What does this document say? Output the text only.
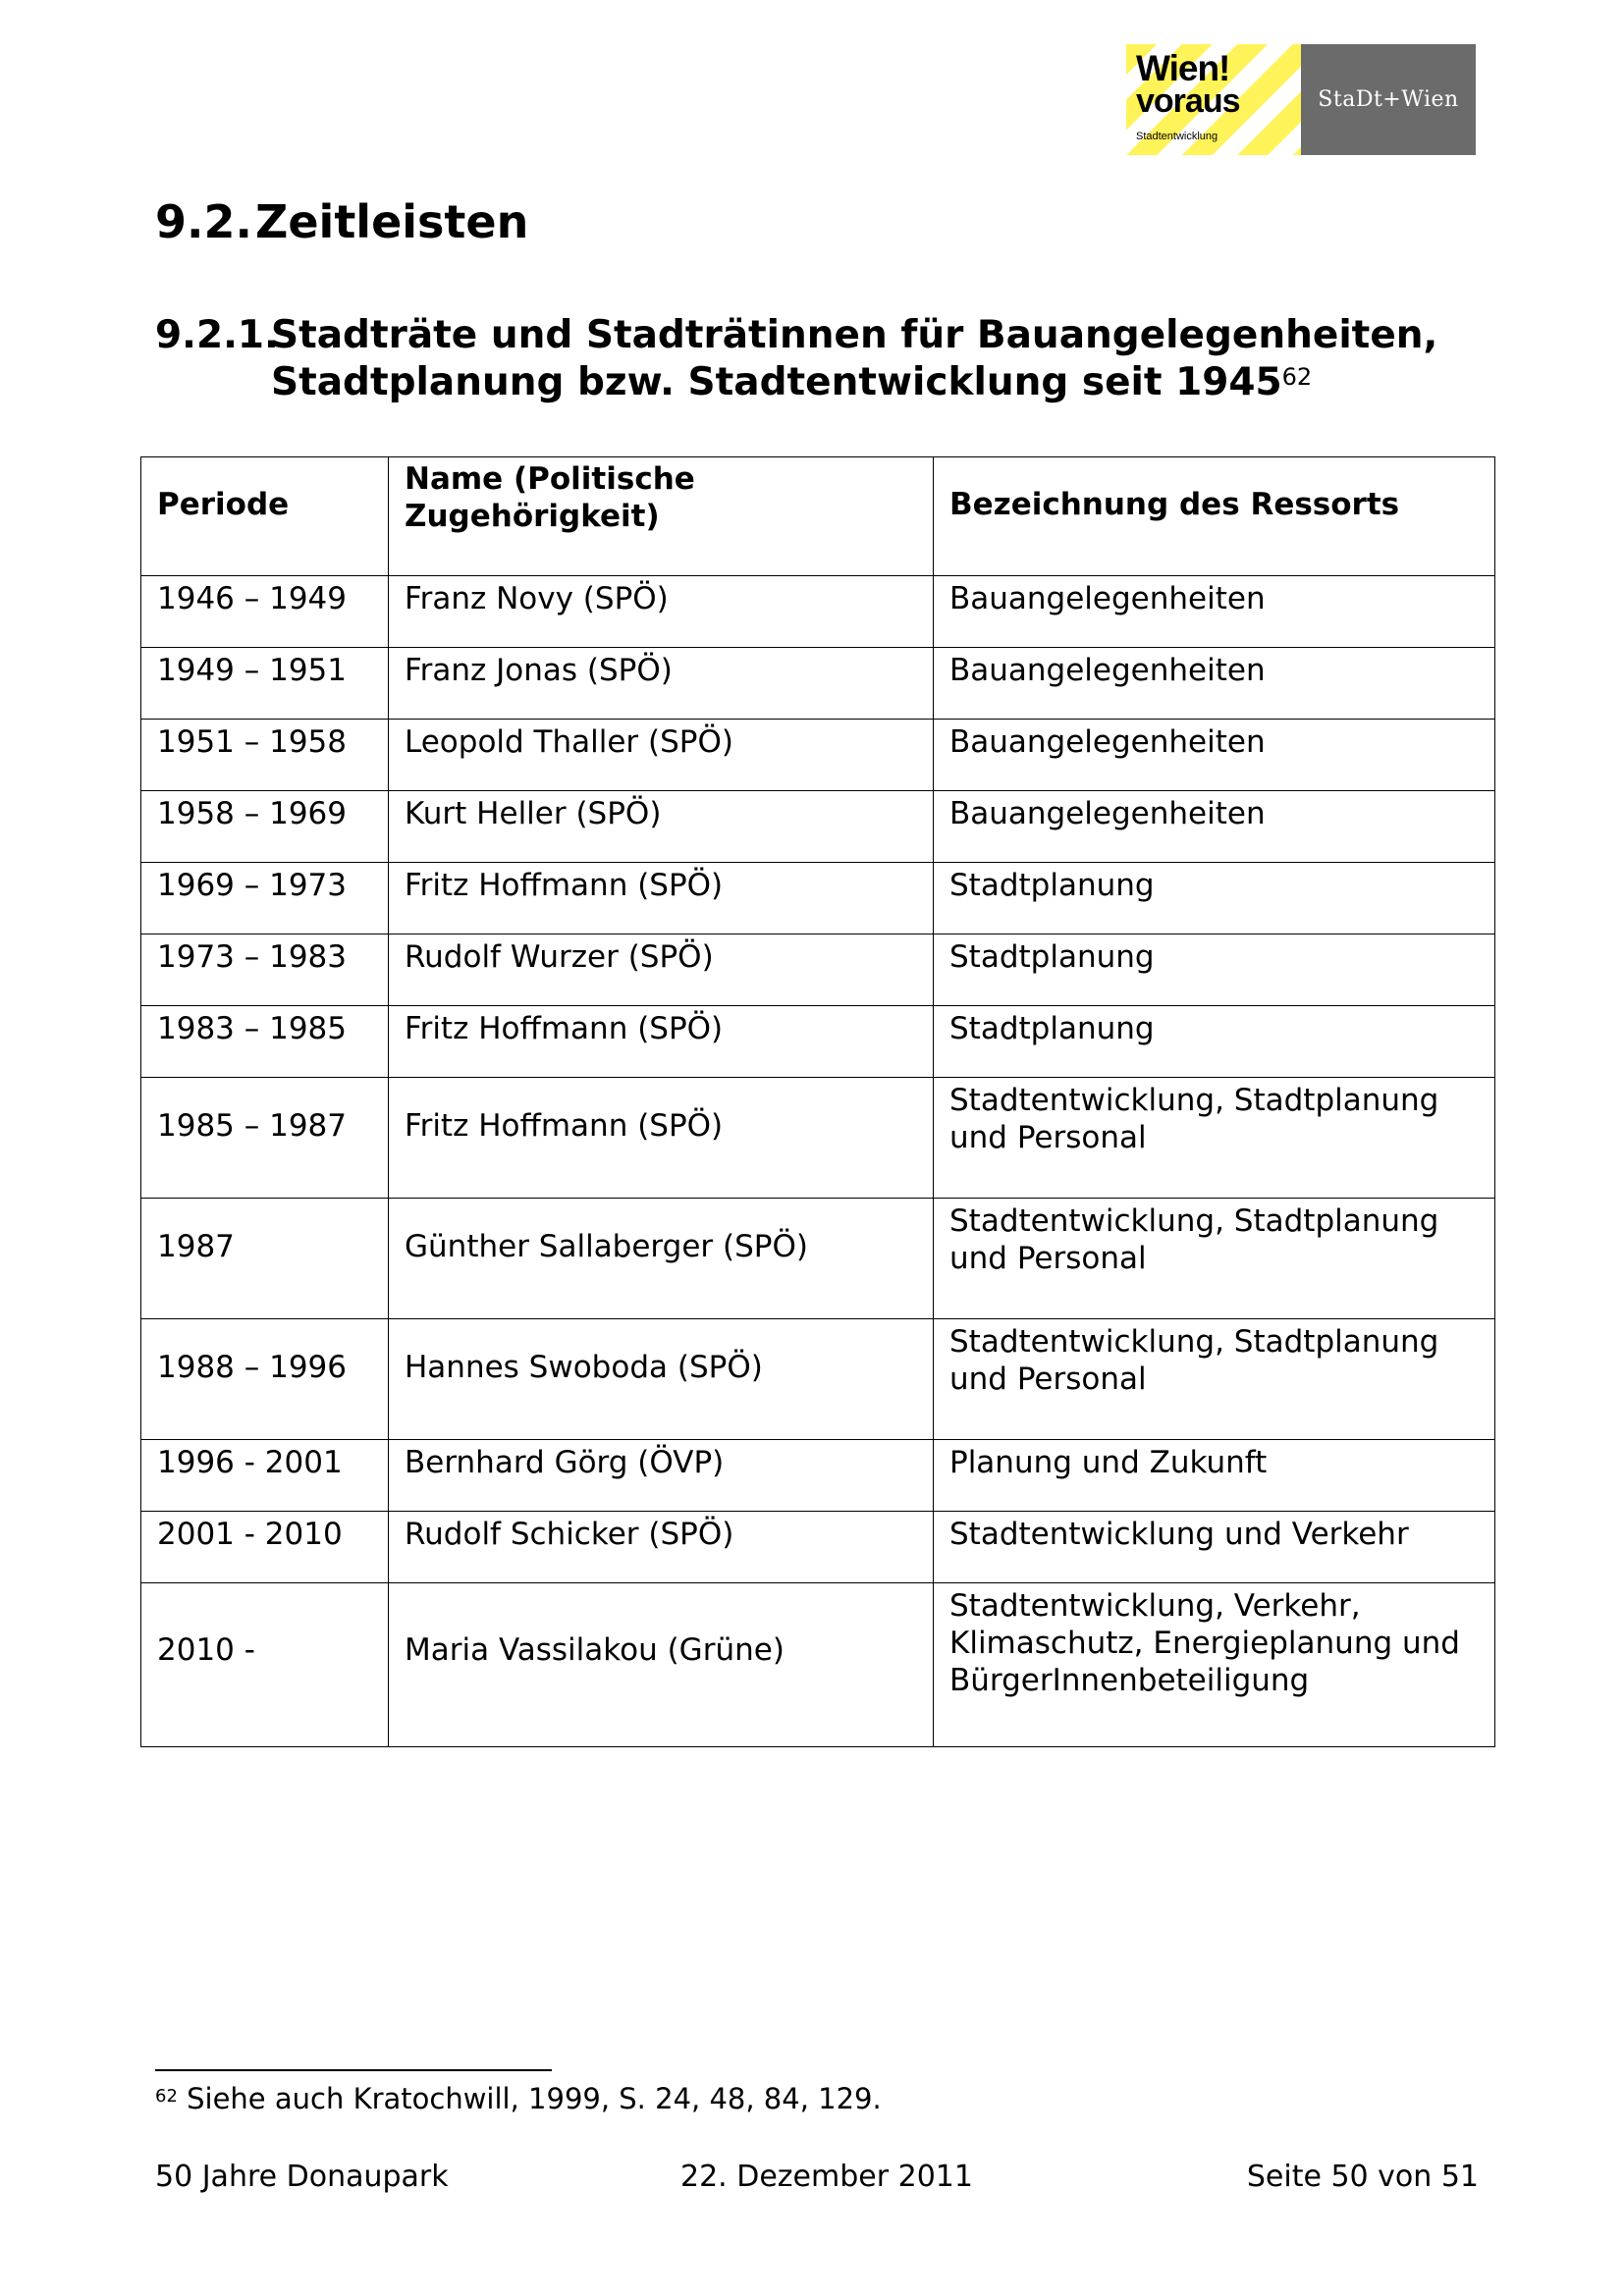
Wien!
voraus
Stadtentwicklung
StaDt+Wien
9.2.Zeitleisten
9.2.1.Stadträte und Stadträtinnen für Bauangelegenheiten,
Stadtplanung bzw. Stadtentwicklung seit 1945$^{62}$
Periode	Name (Politische Zugehörigkeit)	Bezeichnung des Ressorts
1946 – 1949	Franz Novy (SPÖ)	Bauangelegenheiten
1949 – 1951	Franz Jonas (SPÖ)	Bauangelegenheiten
1951 – 1958	Leopold Thaller (SPÖ)	Bauangelegenheiten
1958 – 1969	Kurt Heller (SPÖ)	Bauangelegenheiten
1969 – 1973	Fritz Hoffmann (SPÖ)	Stadtplanung
1973 – 1983	Rudolf Wurzer (SPÖ)	Stadtplanung
1983 – 1985	Fritz Hoffmann (SPÖ)	Stadtplanung
1985 – 1987	Fritz Hoffmann (SPÖ)	Stadtentwicklung, Stadtplanung und Personal
1987	Günther Sallaberger (SPÖ)	Stadtentwicklung, Stadtplanung und Personal
1988 – 1996	Hannes Swoboda (SPÖ)	Stadtentwicklung, Stadtplanung und Personal
1996 - 2001	Bernhard Görg (ÖVP)	Planung und Zukunft
2001 - 2010	Rudolf Schicker (SPÖ)	Stadtentwicklung und Verkehr
2010 -	Maria Vassilakou (Grüne)	Stadtentwicklung, Verkehr, Klimaschutz, Energieplanung und BürgerInnenbeteiligung
$^{62}$ Siehe auch Kratochwill, 1999, S. 24, 48, 84, 129.
50 Jahre Donaupark	22. Dezember 2011	Seite 50 von 51
